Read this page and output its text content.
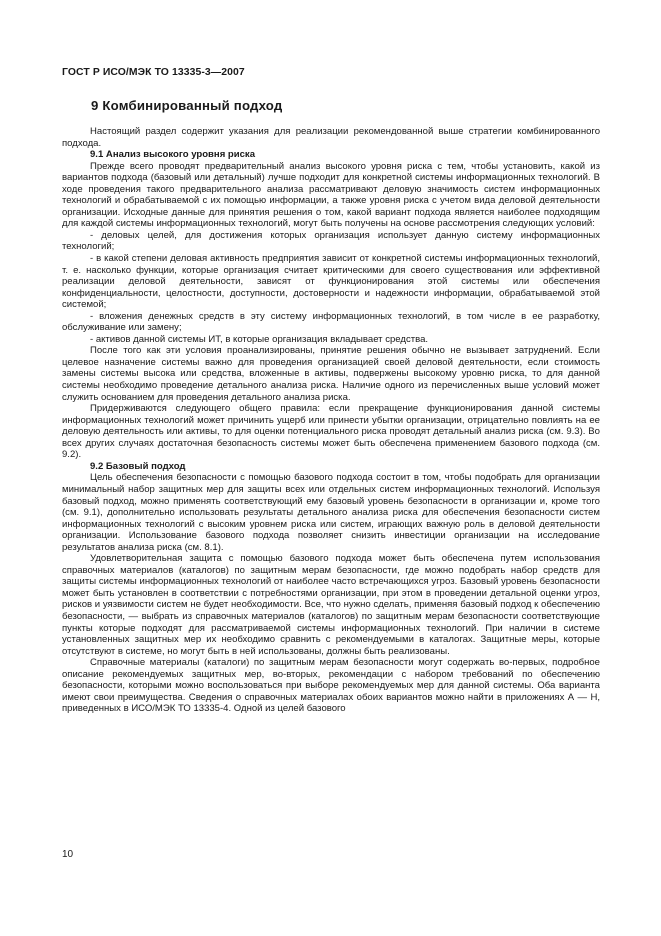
ГОСТ Р ИСО/МЭК ТО 13335-3—2007
9 Комбинированный подход

Настоящий раздел содержит указания для реализации рекомендованной выше стратегии комбинированного подхода.

9.1 Анализ высокого уровня риска

Прежде всего проводят предварительный анализ высокого уровня риска с тем, чтобы установить, какой из вариантов подхода (базовый или детальный) лучше подходит для конкретной системы информационных технологий. В ходе проведения такого предварительного анализа рассматривают деловую значимость систем информационных технологий и обрабатываемой с их помощью информации, а также уровня риска с учетом вида деловой деятельности организации. Исходные данные для принятия решения о том, какой вариант подхода является наиболее подходящим для каждой системы информационных технологий, могут быть получены на основе рассмотрения следующих условий:

- деловых целей, для достижения которых организация использует данную систему информационных технологий;

- в какой степени деловая активность предприятия зависит от конкретной системы информационных технологий, т. е. насколько функции, которые организация считает критическими для своего существования или эффективной реализации деловой деятельности, зависят от функционирования этой системы или обеспечения конфиденциальности, целостности, доступности, достоверности и надежности информации, обрабатываемой этой системой;

- вложения денежных средств в эту систему информационных технологий, в том числе в ее разработку, обслуживание или замену;

- активов данной системы ИТ, в которые организация вкладывает средства.

После того как эти условия проанализированы, принятие решения обычно не вызывает затруднений. Если целевое назначение системы важно для проведения организацией своей деловой деятельности, если стоимость замены системы высока или средства, вложенные в активы, подвержены высокому уровню риска, то для данной системы необходимо проведение детального анализа риска. Наличие одного из перечисленных выше условий может служить основанием для проведения детального анализа риска.

Придерживаются следующего общего правила: если прекращение функционирования данной системы информационных технологий может причинить ущерб или принести убытки организации, отрицательно повлиять на ее деловую деятельность или активы, то для оценки потенциального риска проводят детальный анализ риска (см. 9.3). Во всех других случаях достаточная безопасность системы может быть обеспечена применением базового подхода (см. 9.2).

9.2 Базовый подход

Цель обеспечения безопасности с помощью базового подхода состоит в том, чтобы подобрать для организации минимальный набор защитных мер для защиты всех или отдельных систем информационных технологий. Используя базовый подход, можно применять соответствующий ему базовый уровень безопасности в организации и, кроме того (см. 9.1), дополнительно использовать результаты детального анализа риска для обеспечения безопасности систем информационных технологий с высоким уровнем риска или систем, играющих важную роль в деловой деятельности организации. Использование базового подхода позволяет снизить инвестиции организации на исследование результатов анализа риска (см. 8.1).

Удовлетворительная защита с помощью базового подхода может быть обеспечена путем использования справочных материалов (каталогов) по защитным мерам безопасности, где можно подобрать набор средств для защиты системы информационных технологий от наиболее часто встречающихся угроз. Базовый уровень безопасности может быть установлен в соответствии с потребностями организации, при этом в проведении детальной оценки угроз, рисков и уязвимости систем не будет необходимости. Все, что нужно сделать, применяя базовый подход к обеспечению безопасности, — выбрать из справочных материалов (каталогов) по защитным мерам безопасности соответствующие пункты которые подходят для рассматриваемой системы информационных технологий. При наличии в системе установленных защитных мер их необходимо сравнить с рекомендуемыми в каталогах. Защитные меры, которые отсутствуют в системе, но могут быть в ней использованы, должны быть реализованы.

Справочные материалы (каталоги) по защитным мерам безопасности могут содержать во-первых, подробное описание рекомендуемых защитных мер, во-вторых, рекомендации с набором требований по обеспечению безопасности, которыми можно воспользоваться при выборе рекомендуемых мер для данной системы. Оба варианта имеют свои преимущества. Сведения о справочных материалах обоих вариантов можно найти в приложениях А — Н, приведенных в ИСО/МЭК ТО 13335-4. Одной из целей базового

10
